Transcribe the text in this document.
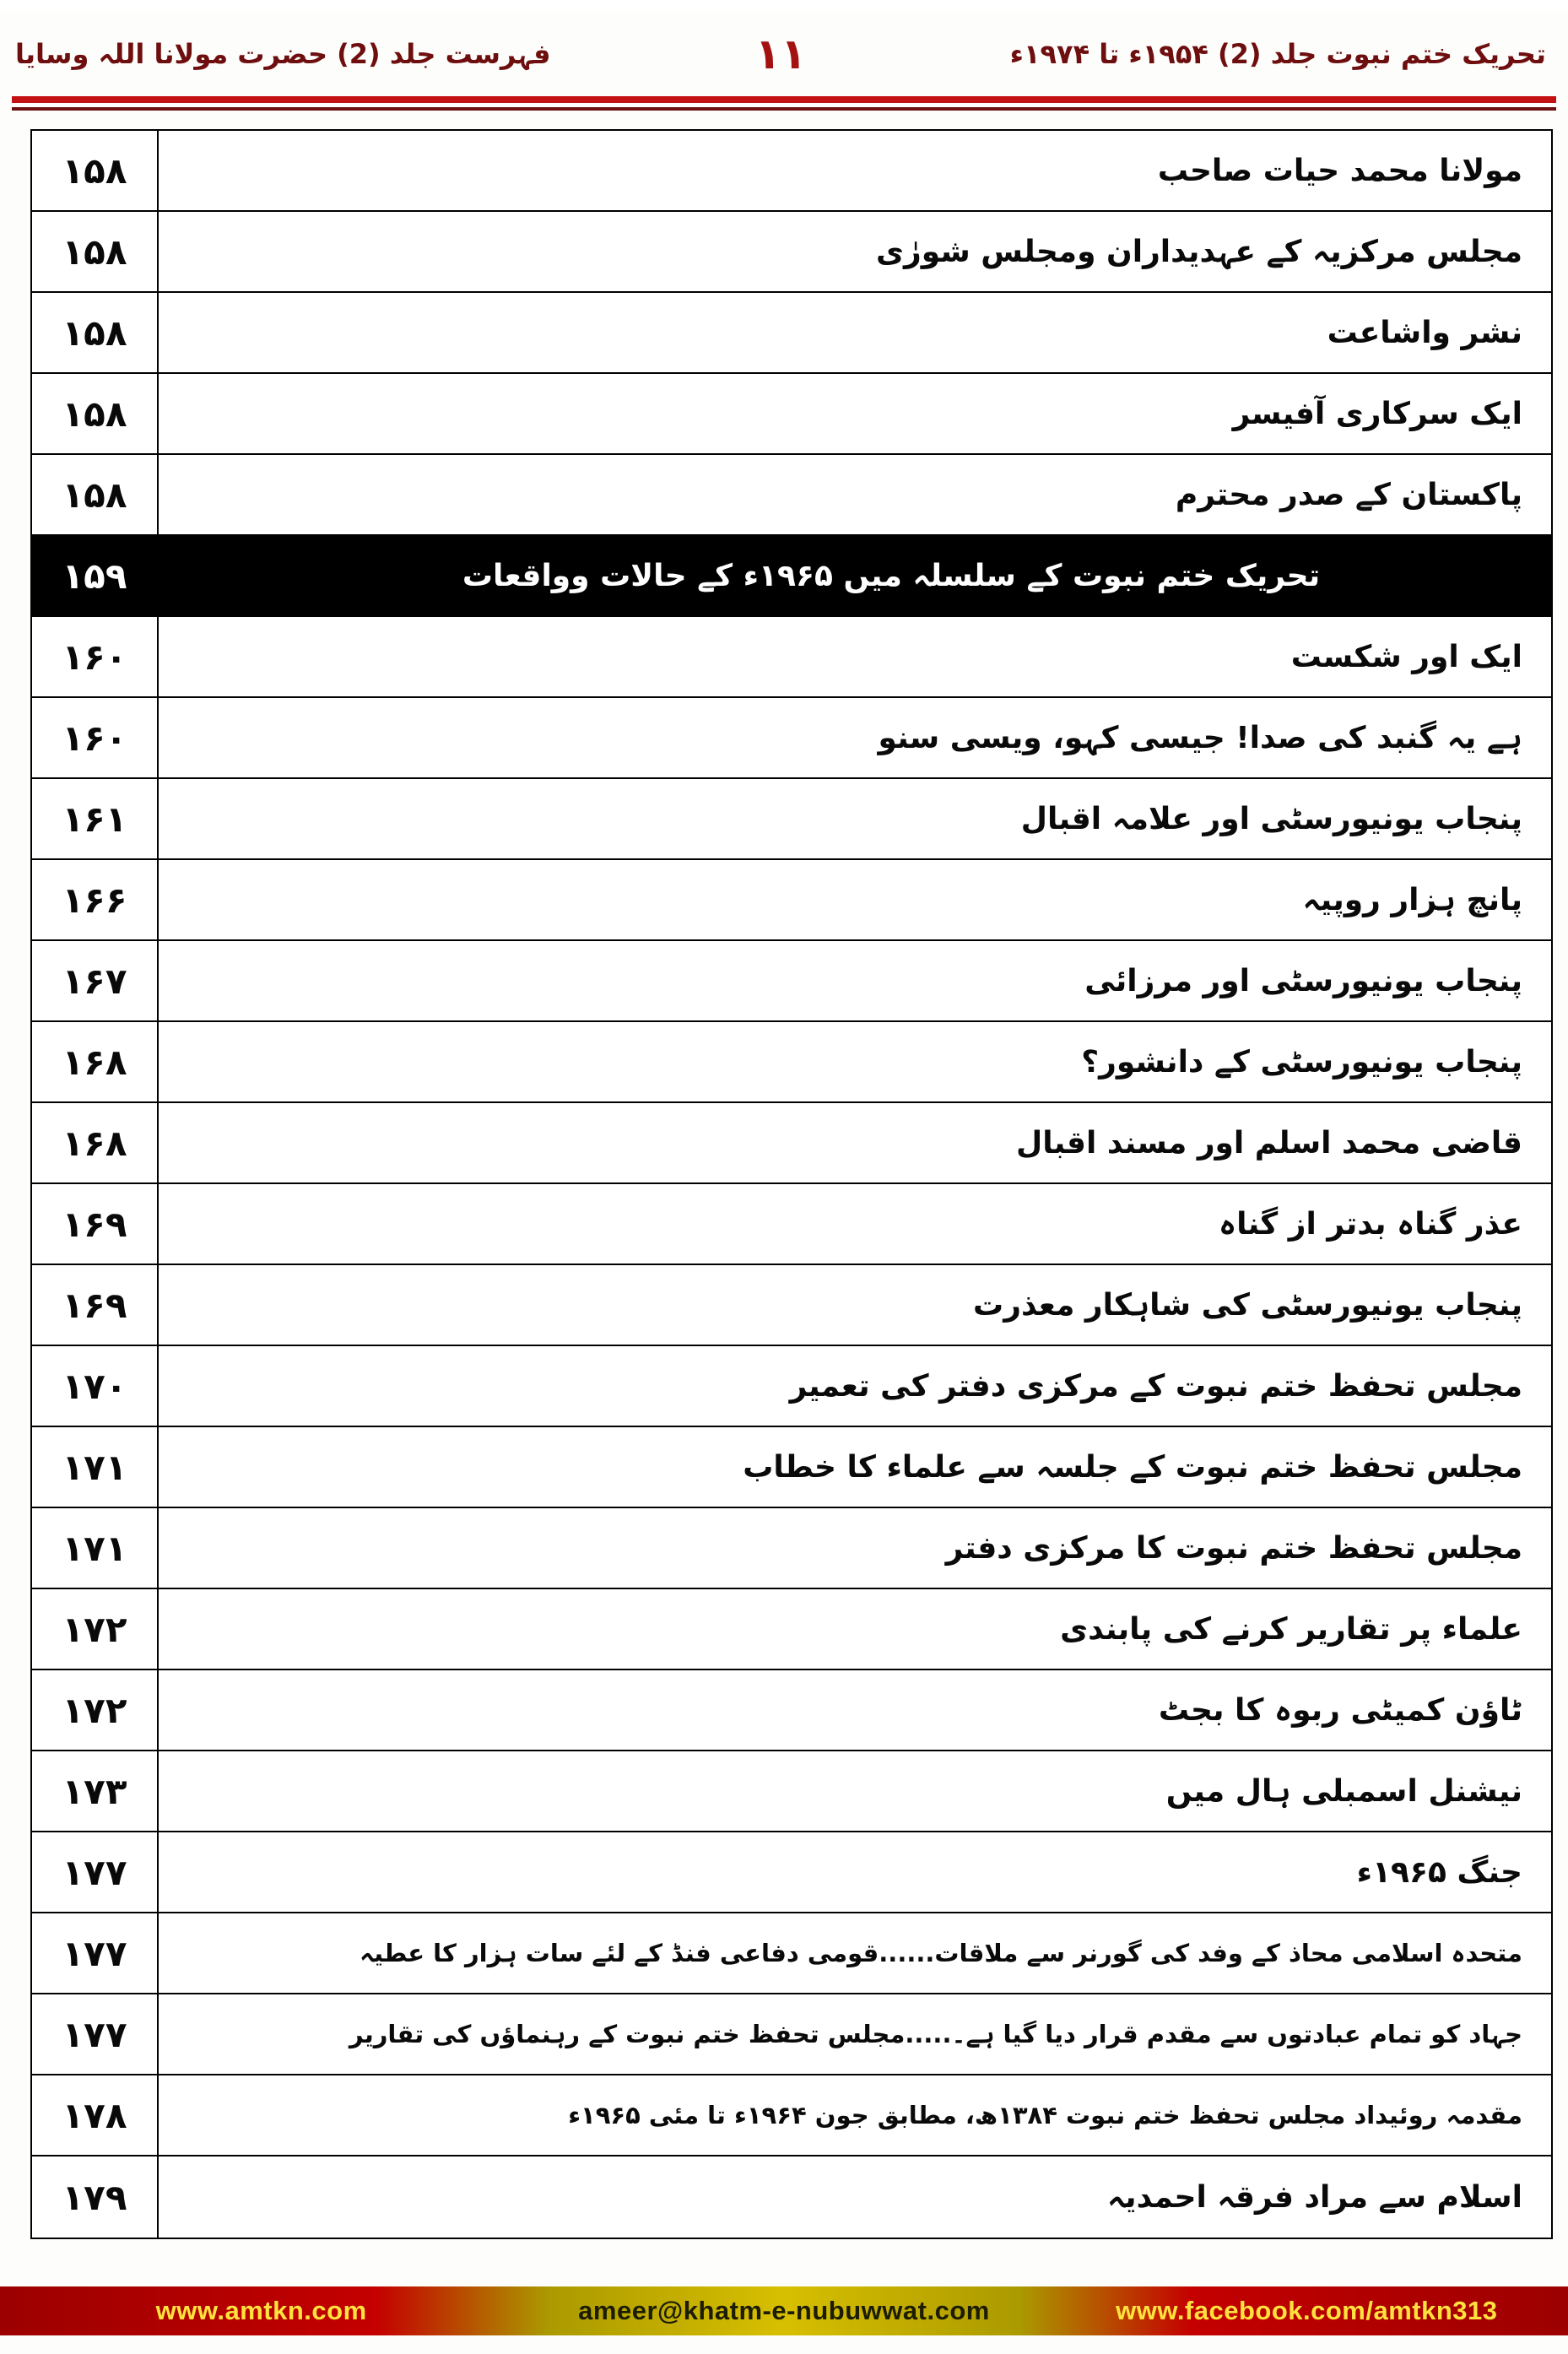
فہرست جلد (2) حضرت مولانا اللہ وسایا	۱۱	تحریک ختم نبوت جلد (2) ۱۹۵۴ء تا ۱۹۷۴ء
۱۵۸	مولانا محمد حیات صاحب
۱۵۸	مجلس مرکزیہ کے عہدیداران ومجلس شورٰی
۱۵۸	نشر واشاعت
۱۵۸	ایک سرکاری آفیسر
۱۵۸	پاکستان کے صدر محترم
۱۵۹	تحریک ختم نبوت کے سلسلہ میں ۱۹۶۵ء کے حالات وواقعات
۱۶۰	ایک اور شکست
۱۶۰	ہے یہ گنبد کی صدا! جیسی کہو، ویسی سنو
۱۶۱	پنجاب یونیورسٹی اور علامہ اقبال
۱۶۶	پانچ ہزار روپیہ
۱۶۷	پنجاب یونیورسٹی اور مرزائی
۱۶۸	پنجاب یونیورسٹی کے دانشور؟
۱۶۸	قاضی محمد اسلم اور مسند اقبال
۱۶۹	عذر گناہ بدتر از گناہ
۱۶۹	پنجاب یونیورسٹی کی شاہکار معذرت
۱۷۰	مجلس تحفظ ختم نبوت کے مرکزی دفتر کی تعمیر
۱۷۱	مجلس تحفظ ختم نبوت کے جلسہ سے علماء کا خطاب
۱۷۱	مجلس تحفظ ختم نبوت کا مرکزی دفتر
۱۷۲	علماء پر تقاریر کرنے کی پابندی
۱۷۲	ٹاؤن کمیٹی ربوہ کا بجٹ
۱۷۳	نیشنل اسمبلی ہال میں
۱۷۷	جنگ ۱۹۶۵ء
۱۷۷	متحدہ اسلامی محاذ کے وفد کی گورنر سے ملاقات......قومی دفاعی فنڈ کے لئے سات ہزار کا عطیہ
۱۷۷	جہاد کو تمام عبادتوں سے مقدم قرار دیا گیا ہے۔.....مجلس تحفظ ختم نبوت کے رہنماؤں کی تقاریر
۱۷۸	مقدمہ روئیداد مجلس تحفظ ختم نبوت ۱۳۸۴ھ، مطابق جون ۱۹۶۴ء تا مئی ۱۹۶۵ء
۱۷۹	اسلام سے مراد فرقہ احمدیہ
www.amtkn.com	ameer@khatm-e-nubuwwat.com	www.facebook.com/amtkn313
